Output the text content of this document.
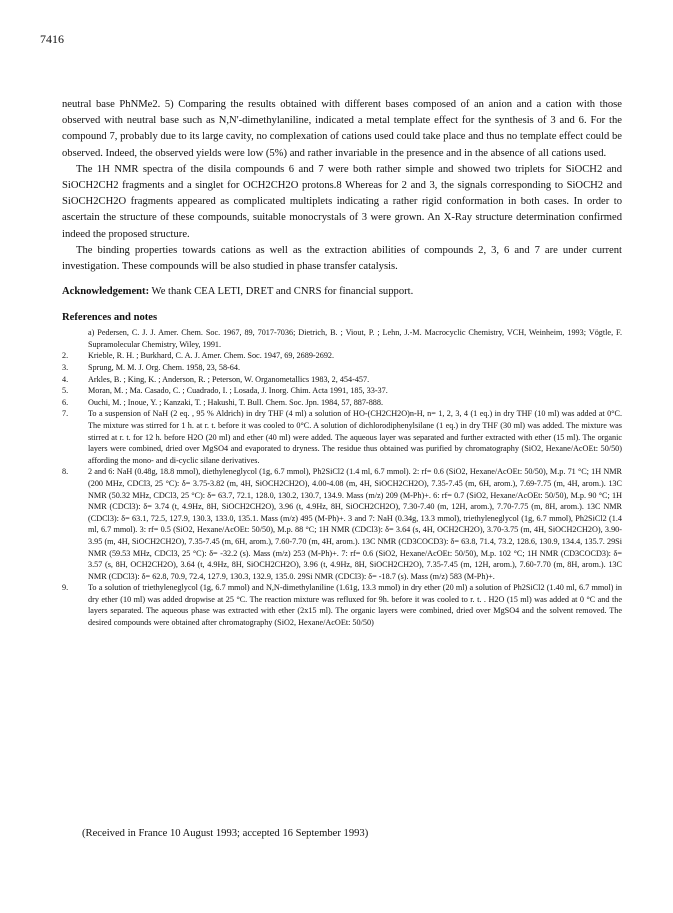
7416

neutral base PhNMe2. 5) Comparing the results obtained with different bases composed of an anion and a cation with those observed with neutral base such as N,N'-dimethylaniline, indicated a metal template effect for the synthesis of 3 and 6. For the compound 7, probably due to its large cavity, no complexation of cations used could take place and thus no template effect could be observed. Indeed, the observed yields were low (5%) and rather invariable in the presence and in the absence of all cations used.

The 1H NMR spectra of the disila compounds 6 and 7 were both rather simple and showed two triplets for SiOCH2 and SiOCH2CH2 fragments and a singlet for OCH2CH2O protons.8 Whereas for 2 and 3, the signals corresponding to SiOCH2 and SiOCH2CH2O fragments appeared as complicated multiplets indicating a rather rigid conformation in both cases. In order to ascertain the structure of these compounds, suitable monocrystals of 3 were grown. An X-Ray structure determination confirmed indeed the proposed structure.

The binding properties towards cations as well as the extraction abilities of compounds 2, 3, 6 and 7 are under current investigation. These compounds will be also studied in phase transfer catalysis.

Acknowledgement: We thank CEA LETI, DRET and CNRS for financial support.
References and notes
a) Pedersen, C. J. J. Amer. Chem. Soc. 1967, 89, 7017-7036; Dietrich, B. ; Viout, P. ; Lehn, J.-M. Macrocyclic Chemistry, VCH, Weinheim, 1993; Vögtle, F. Supramolecular Chemistry, Wiley, 1991.
2.	Krieble, R. H. ; Burkhard, C. A. J. Amer. Chem. Soc. 1947, 69, 2689-2692.
3.	Sprung, M. M. J. Org. Chem. 1958, 23, 58-64.
4.	Arkles, B. ; King, K. ; Anderson, R. ; Peterson, W. Organometallics 1983, 2, 454-457.
5.	Moran, M. ; Ma. Casado, C. ; Cuadrado, I. ; Losada, J. Inorg. Chim. Acta 1991, 185, 33-37.
6.	Ouchi, M. ; Inoue, Y. ; Kanzaki, T. ; Hakushi, T. Bull. Chem. Soc. Jpn. 1984, 57, 887-888.
7.	To a suspension of NaH (2 eq. , 95 % Aldrich) in dry THF (4 ml) a solution of HO-(CH2CH2O)n-H, n= 1, 2, 3, 4 (1 eq.) in dry THF (10 ml) was added at 0°C. The mixture was stirred for 1 h. at r. t. before it was cooled to 0°C. A solution of dichlorodiphenylsilane (1 eq.) in dry THF (30 ml) was added. The mixture was stirred at r. t. for 12 h. before H2O (20 ml) and ether (40 ml) were added. The aqueous layer was separated and further extracted with ether (15 ml). The organic layers were combined, dried over MgSO4 and evaporated to dryness. The residue thus obtained was purified by chromatography (SiO2, Hexane/AcOEt: 50/50) affording the mono- and di-cyclic silane derivatives.
8.	2 and 6: NaH (0.48g, 18.8 mmol), diethyleneglycol (1g, 6.7 mmol), Ph2SiCl2 (1.4 ml, 6.7 mmol). 2: rf= 0.6 (SiO2, Hexane/AcOEt: 50/50), M.p. 71 °C; 1H NMR (200 MHz, CDCl3, 25 °C): δ= 3.75-3.82 (m, 4H, SiOCH2CH2O), 4.00-4.08 (m, 4H, SiOCH2CH2O), 7.35-7.45 (m, 6H, arom.), 7.69-7.75 (m, 4H, arom.). 13C NMR (50.32 MHz, CDCl3, 25 °C): δ= 63.7, 72.1, 128.0, 130.2, 130.7, 134.9. Mass (m/z) 209 (M-Ph)+. 6: rf= 0.7 (SiO2, Hexane/AcOEt: 50/50), M.p. 90 °C; 1H NMR (CDCl3): δ= 3.74 (t, 4.9Hz, 8H, SiOCH2CH2O), 3.96 (t, 4.9Hz, 8H, SiOCH2CH2O), 7.30-7.40 (m, 12H, arom.), 7.70-7.75 (m, 8H, arom.). 13C NMR (CDCl3): δ= 63.1, 72.5, 127.9, 130.3, 133.0, 135.1. Mass (m/z) 495 (M-Ph)+. 3 and 7: NaH (0.34g, 13.3 mmol), triethyleneglycol (1g, 6.7 mmol), Ph2SiCl2 (1.4 ml, 6.7 mmol). 3: rf= 0.5 (SiO2, Hexane/AcOEt: 50/50), M.p. 88 °C; 1H NMR (CDCl3): δ= 3.64 (s, 4H, OCH2CH2O), 3.70-3.75 (m, 4H, SiOCH2CH2O), 3.90-3.95 (m, 4H, SiOCH2CH2O), 7.35-7.45 (m, 6H, arom.), 7.60-7.70 (m, 4H, arom.). 13C NMR (CD3COCD3): δ= 63.8, 71.4, 73.2, 128.6, 130.9, 134.4, 135.7. 29Si NMR (59.53 MHz, CDCl3, 25 °C): δ= -32.2 (s). Mass (m/z) 253 (M-Ph)+. 7: rf= 0.6 (SiO2, Hexane/AcOEt: 50/50), M.p. 102 °C; 1H NMR (CD3COCD3): δ= 3.57 (s, 8H, OCH2CH2O), 3.64 (t, 4.9Hz, 8H, SiOCH2CH2O), 3.96 (t, 4.9Hz, 8H, SiOCH2CH2O), 7.35-7.45 (m, 12H, arom.), 7.60-7.70 (m, 8H, arom.). 13C NMR (CDCl3): δ= 62.8, 70.9, 72.4, 127.9, 130.3, 132.9, 135.0. 29Si NMR (CDCl3): δ= -18.7 (s). Mass (m/z) 583 (M-Ph)+.
9.	To a solution of triethyleneglycol (1g, 6.7 mmol) and N,N-dimethylaniline (1.61g, 13.3 mmol) in dry ether (20 ml) a solution of Ph2SiCl2 (1.40 ml, 6.7 mmol) in dry ether (10 ml) was added dropwise at 25 °C. The reaction mixture was refluxed for 9h. before it was cooled to r. t. . H2O (15 ml) was added at 0 °C and the layers separated. The aqueous phase was extracted with ether (2x15 ml). The organic layers were combined, dried over MgSO4 and the solvent removed. The desired compounds were obtained after chromatography (SiO2, Hexane/AcOEt: 50/50)
(Received in France 10 August 1993; accepted 16 September 1993)
